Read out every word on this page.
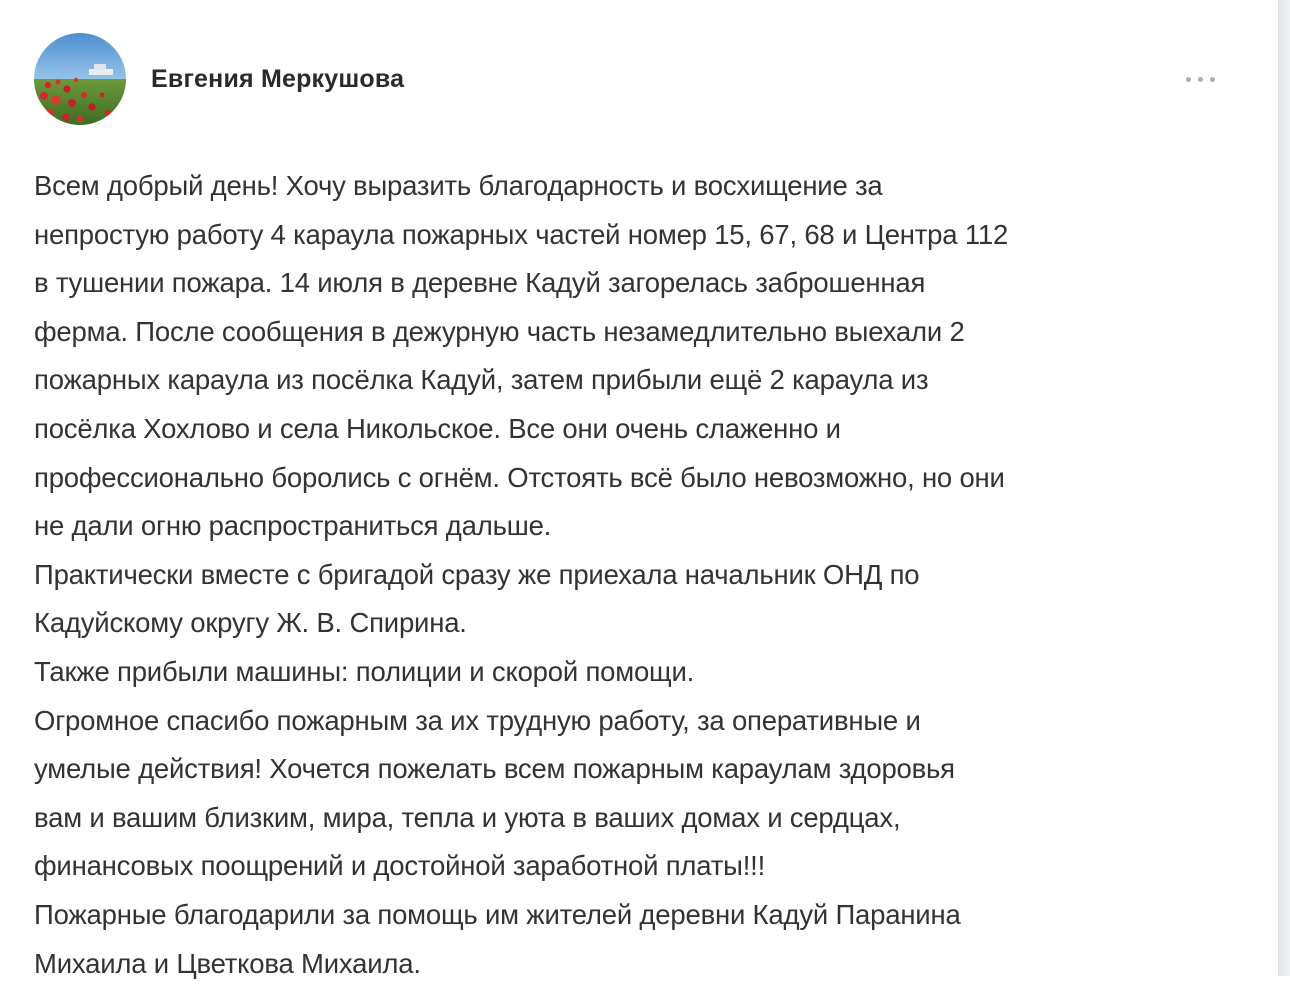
Евгения Меркушова
Всем добрый день! Хочу выразить благодарность и восхищение за
непростую работу 4 караула пожарных частей номер 15, 67, 68 и Центра 112
в тушении пожара. 14 июля в деревне Кадуй загорелась заброшенная
ферма. После сообщения в дежурную часть незамедлительно выехали 2
пожарных караула из посёлка Кадуй, затем прибыли ещё 2 караула из
посёлка Хохлово и села Никольское. Все они очень слаженно и
профессионально боролись с огнём. Отстоять всё было невозможно, но они
не дали огню распространиться дальше.
Практически вместе с бригадой сразу же приехала начальник ОНД по
Кадуйскому округу Ж. В. Спирина.
Также прибыли машины: полиции и скорой помощи.
Огромное спасибо пожарным за их трудную работу, за оперативные и
умелые действия! Хочется пожелать всем пожарным караулам здоровья
вам и вашим близким, мира, тепла и уюта в ваших домах и сердцах,
финансовых поощрений и достойной заработной платы!!!
Пожарные благодарили за помощь им жителей деревни Кадуй Паранина
Михаила и Цветкова Михаила.
